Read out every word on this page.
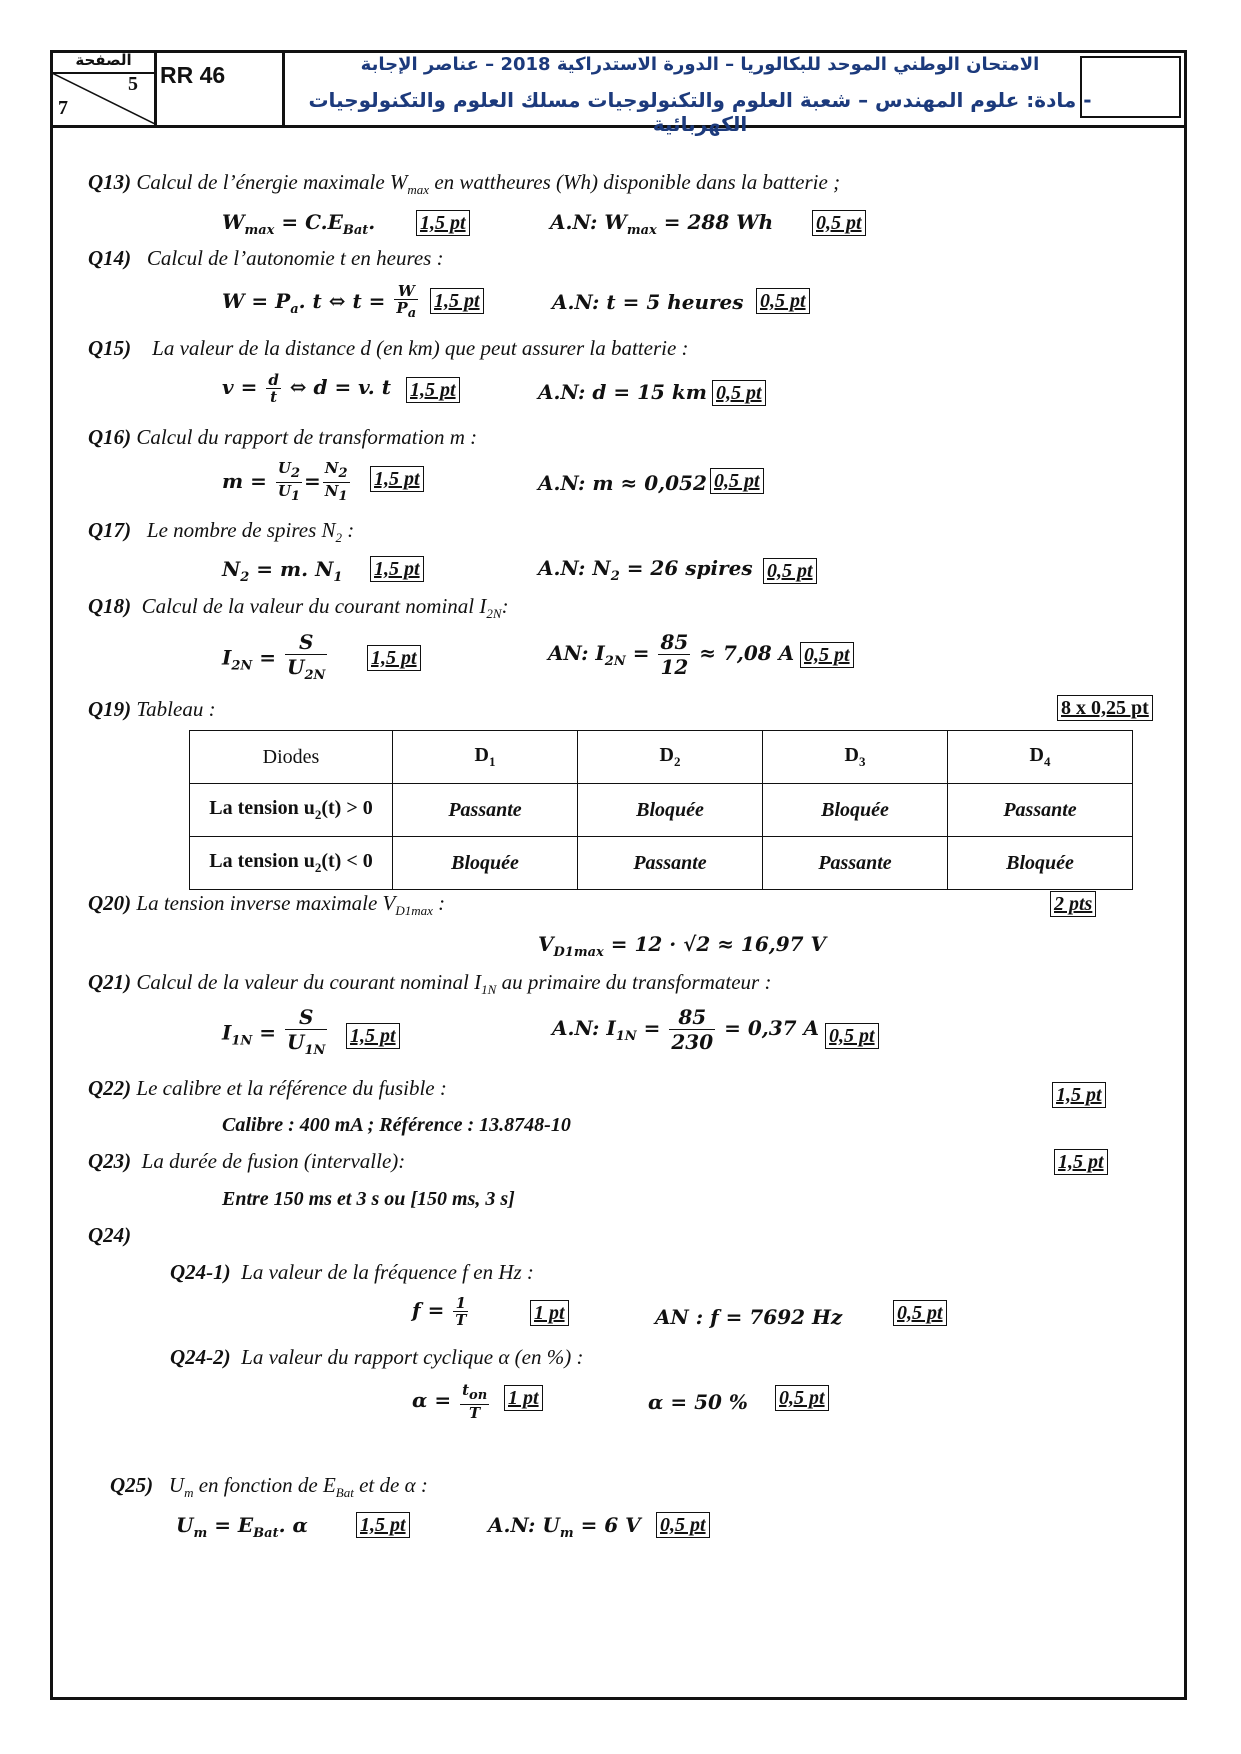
الصفحة
5
7
RR 46	الامتحان الوطني الموحد للبكالوريا – الدورة الاستدراكية 2018 – عناصر الإجابة
- مادة: علوم المهندس – شعبة العلوم والتكنولوجيات مسلك العلوم والتكنولوجيات الكهربائية
Q13) Calcul de l’énergie maximale $W_{max}$ en wattheures (Wh) disponible dans la batterie ;
$W_{max} = C.E_{Bat}$. 1,5 pt	A.N: $W_{max} = 288$ Wh 0,5 pt
Q14) Calcul de l’autonomie t en heures :
$W = P_a$. t ⇔ $t = \frac{W}{P_a} 1,5$ pt	A.N: t = 5 heures 0,5 pt
Q15) La valeur de la distance d (en km) que peut assurer la batterie :
$v = \frac{d}{t}$ ⇔ d = v. t 1,5 pt	A.N: d = 15 km 0,5 pt
Q16) Calcul du rapport de transformation m :
$m = \frac{U_2}{U_1} = \frac{N_2}{N_1} 1,5$ pt	A.N: m ≈ 0,052 0,5 pt
Q17) Le nombre de spires $N_2$ :
$N_2 = m$. $N_1$ 1,5 pt	A.N: $N_2 = 26$ spires 0,5 pt
Q18) Calcul de la valeur du courant nominal $I_{2N}$:
$I_{2N} = \frac{S}{U_{2N}} 1,5$ pt	AN: $I_{2N} = \frac{85}{12} \approx 7,08$ A 0,5 pt
Q19) Tableau :	8 x 0,25 pt
Diodes	$D_1$	$D_2$	$D_3$	$D_4$
La tension $u_2(t) > 0$	Passante	Bloquée	Bloquée	Passante
La tension $u_2(t) < 0$	Bloquée	Passante	Passante	Bloquée
Q20) La tension inverse maximale $V_{D1max}$ :	2 pts
$V_{D1max} = 12 \cdot √2 \approx 16,97$ V
Q21) Calcul de la valeur du courant nominal $I_{1N}$ au primaire du transformateur :
$I_{1N} = \frac{S}{U_{1N}} 1,5$ pt	A.N: $I_{1N} = \frac{85}{230} = 0,37$ A 0,5 pt
Q22) Le calibre et la référence du fusible :	1,5 pt
Calibre : 400 mA ; Référence : 13.8748-10
Q23) La durée de fusion (intervalle):	1,5 pt
Entre 150 ms et 3 s ou [150 ms, 3 s]
Q24)
Q24-1) La valeur de la fréquence f en Hz :
$f = \frac{1}{T}$	1 pt	AN : f = 7692 Hz	0,5 pt
Q24-2) La valeur du rapport cyclique α (en %) :
$\alpha = \frac{t_{on}}{T} 1$ pt	α = 50 % 0,5 pt
Q25) $U_m$ en fonction de $E_{Bat}$ et de α :
$U_m = E_{Bat}$. α	1,5 pt	A.N: $U_m = 6$ V 0,5 pt
